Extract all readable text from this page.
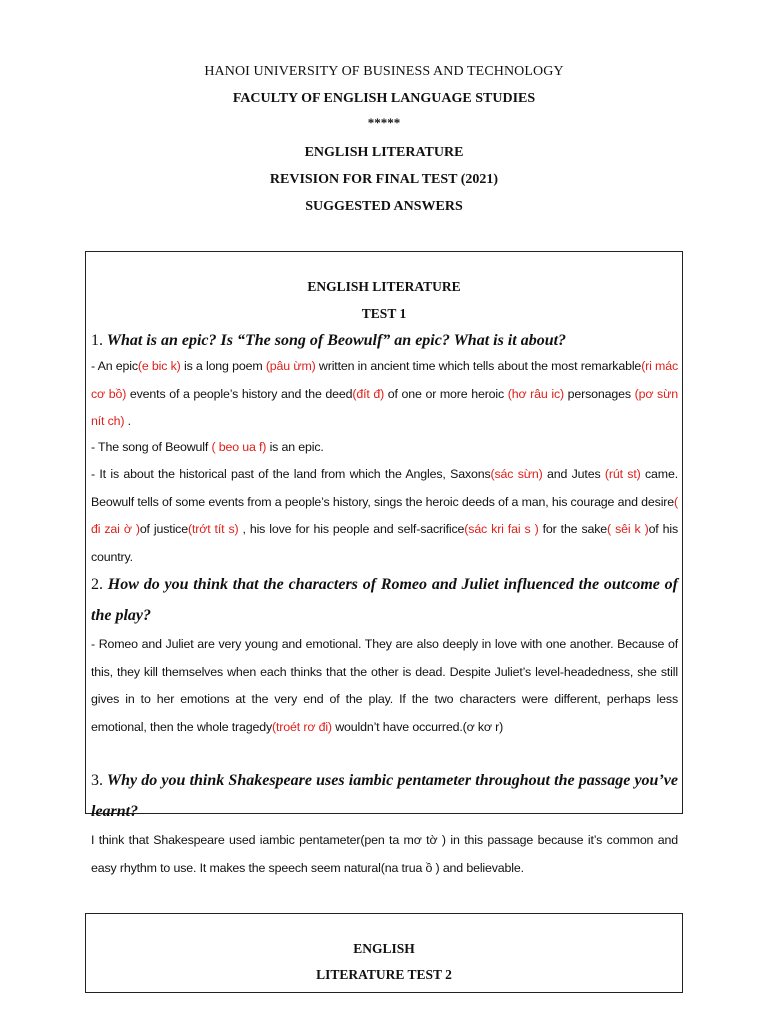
HANOI UNIVERSITY OF BUSINESS AND TECHNOLOGY
FACULTY OF ENGLISH LANGUAGE STUDIES
*****
ENGLISH LITERATURE
REVISION FOR FINAL TEST (2021)
SUGGESTED ANSWERS
ENGLISH LITERATURE
TEST 1
1. What is an epic? Is “The song of Beowulf” an epic? What is it about?
- An epic(e bic k) is a long poem (pâu ừm) written in ancient time which tells about the most remarkable(ri mác cơ bồ) events of a people’s history and the deed(đít đ) of one or more heroic (hơ râu ic) personages (pơ sừn nít ch) .
- The song of Beowulf ( beo ua f) is an epic.
- It is about the historical past of the land from which the Angles, Saxons(sác sừn) and Jutes (rút st) came. Beowulf tells of some events from a people’s history, sings the heroic deeds of a man, his courage and desire( đi zai ờ )of justice(trớt tít s) , his love for his people and self-sacrifice(sác kri fai s ) for the sake( sêi k )of his country.
2. How do you think that the characters of Romeo and Juliet influenced the outcome of the play?
- Romeo and Juliet are very young and emotional. They are also deeply in love with one another. Because of this, they kill themselves when each thinks that the other is dead. Despite Juliet’s level-headedness, she still gives in to her emotions at the very end of the play. If the two characters were different, perhaps less emotional, then the whole tragedy(troét rơ đi) wouldn’t have occurred.(ơ kơ r)
3. Why do you think Shakespeare uses iambic pentameter throughout the passage you’ve learnt?
I think that Shakespeare used iambic pentameter(pen ta mơ tờ ) in this passage because it’s common and easy rhythm to use. It makes the speech seem natural(na trua ồ ) and believable.
ENGLISH
LITERATURE TEST 2
